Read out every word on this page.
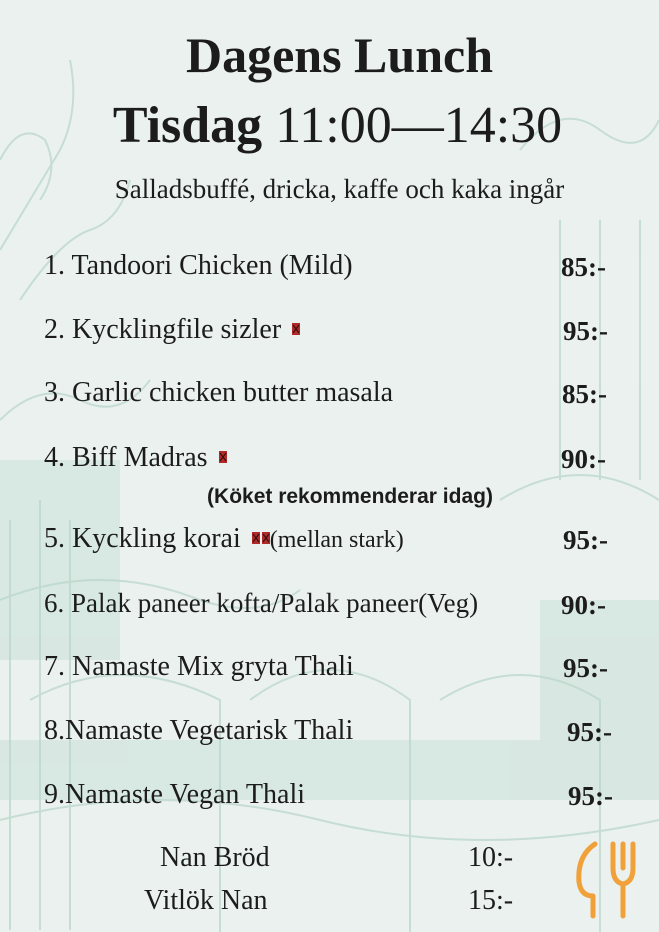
Dagens Lunch
Tisdag 11:00—14:30
Salladsbuffé, dricka, kaffe och kaka ingår
1. Tandoori Chicken (Mild)	85:-
2. Kycklingfile sizler	95:-
3. Garlic chicken butter masala	85:-
4. Biff Madras	90:-
(Köket rekommenderar idag)
5. Kyckling korai (mellan stark)	95:-
6. Palak paneer kofta/Palak paneer(Veg)	90:-
7. Namaste Mix gryta Thali	95:-
8.Namaste Vegetarisk Thali	95:-
9.Namaste Vegan Thali	95:-
Nan Bröd	10:-
Vitlök Nan	15:-
